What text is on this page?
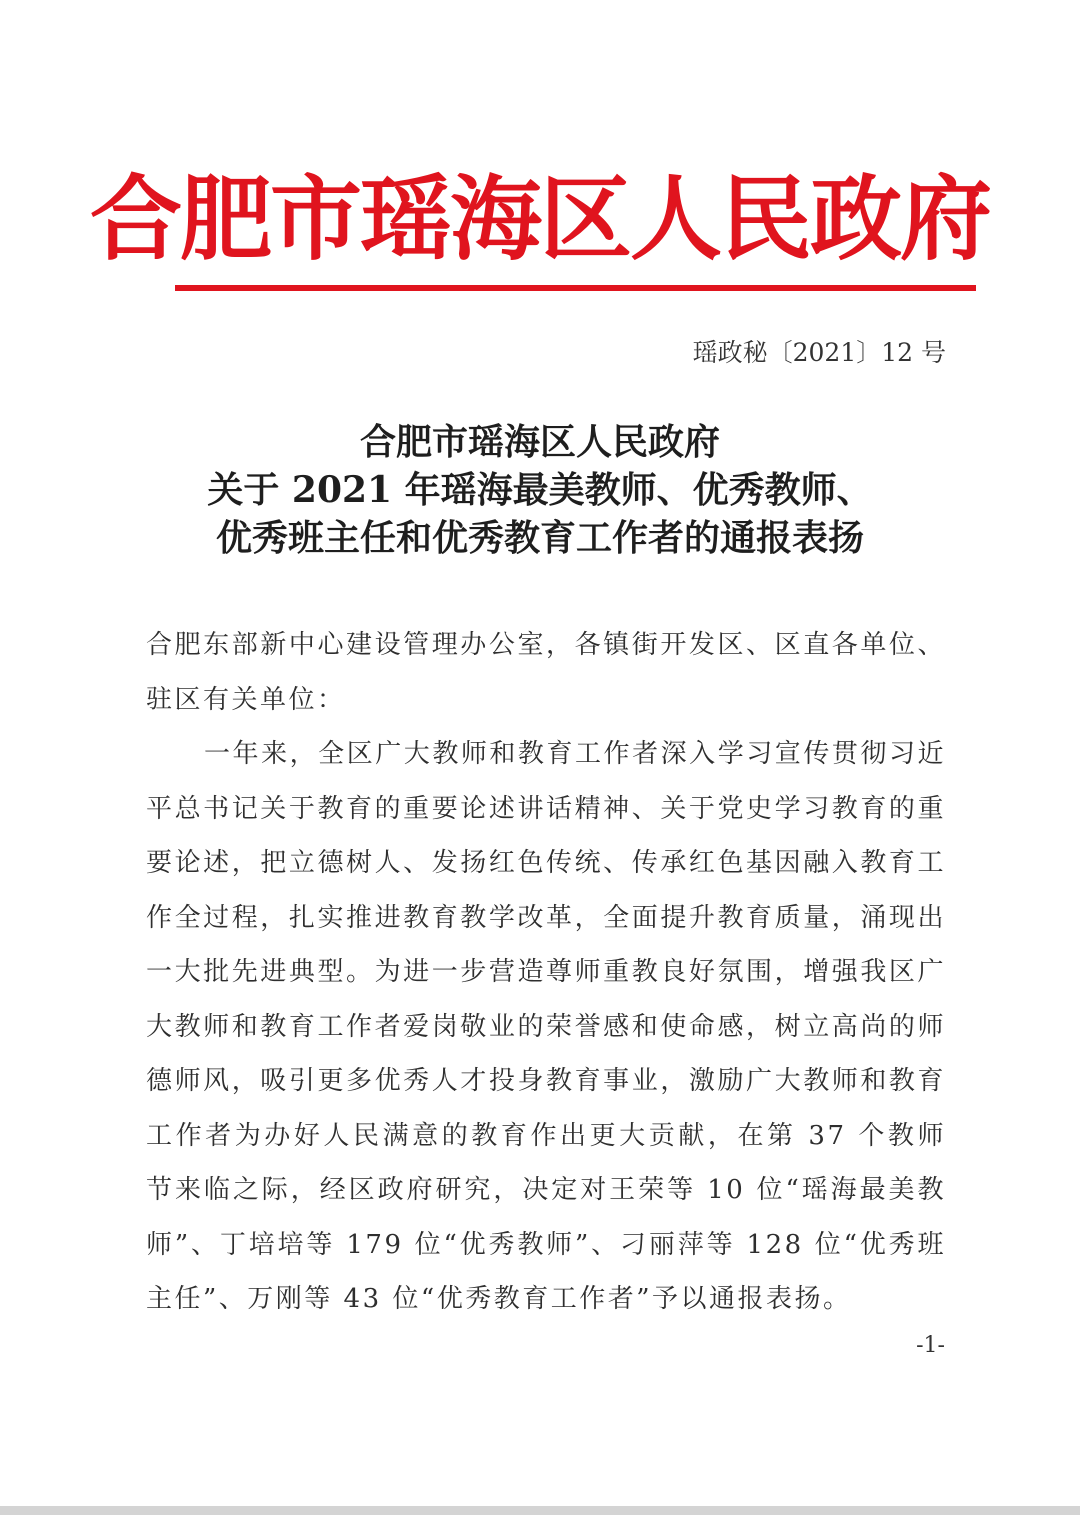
合肥市瑶海区人民政府
瑶政秘〔2021〕12 号
合肥市瑶海区人民政府
关于 2021 年瑶海最美教师、优秀教师、
优秀班主任和优秀教育工作者的通报表扬

合肥东部新中心建设管理办公室，各镇街开发区、区直各单位、驻区有关单位：

一年来，全区广大教师和教育工作者深入学习宣传贯彻习近平总书记关于教育的重要论述讲话精神、关于党史学习教育的重要论述，把立德树人、发扬红色传统、传承红色基因融入教育工作全过程，扎实推进教育教学改革，全面提升教育质量，涌现出一大批先进典型。为进一步营造尊师重教良好氛围，增强我区广大教师和教育工作者爱岗敬业的荣誉感和使命感，树立高尚的师德师风，吸引更多优秀人才投身教育事业，激励广大教师和教育工作者为办好人民满意的教育作出更大贡献，在第 37 个教师节来临之际，经区政府研究，决定对王荣等 10 位“瑶海最美教师”、丁培培等 179 位“优秀教师”、刁丽萍等 128 位“优秀班主任”、万刚等 43 位“优秀教育工作者”予以通报表扬。

-1-
